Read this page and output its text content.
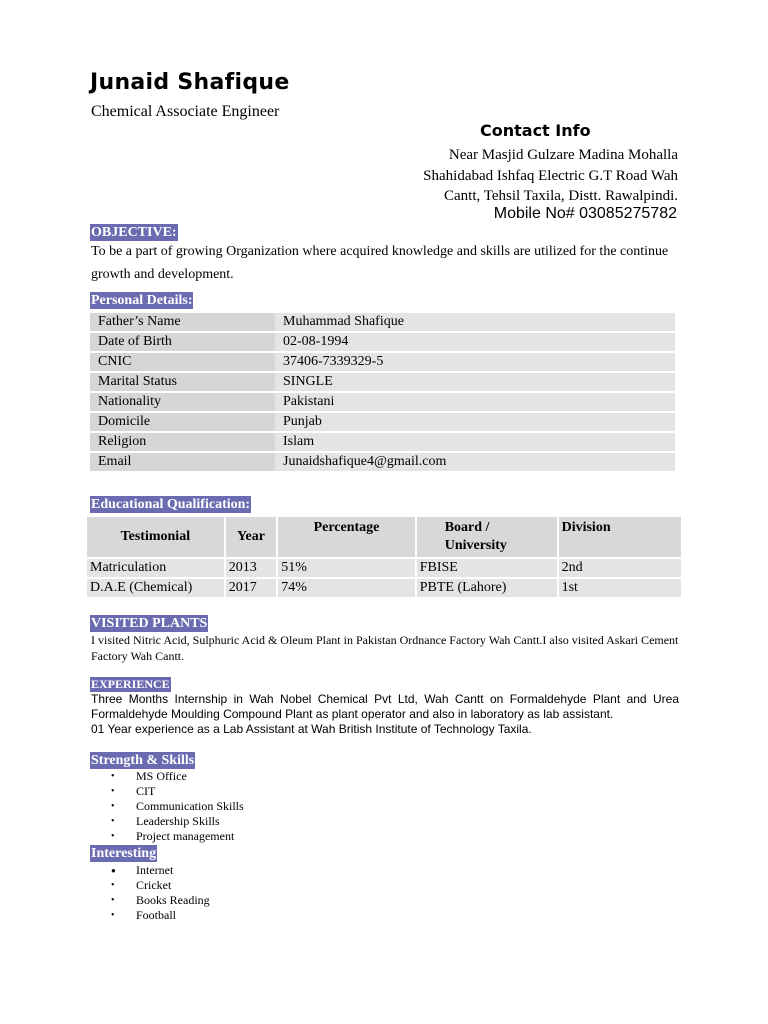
Junaid Shafique
Chemical Associate Engineer
Contact Info
Near Masjid Gulzare Madina Mohalla
Shahidabad Ishfaq Electric G.T Road Wah
Cantt, Tehsil Taxila, Distt. Rawalpindi.
Mobile No# 03085275782
OBJECTIVE:

To be a part of growing Organization where acquired knowledge and skills are utilized for the continue growth and development.

Personal Details:
Father’s Name		Muhammad Shafique
Date of Birth		02-08-1994
CNIC		37406-7339329-5
Marital Status		SINGLE
Nationality		Pakistani
Domicile		Punjab
Religion		Islam
Email		Junaidshafique4@gmail.com
Educational Qualification:
Testimonial	Year	Percentage	Board / University	Division
Matriculation	2013	51%	FBISE	2nd
D.A.E (Chemical)	2017	74%	PBTE (Lahore)	1st
VISITED PLANTS

I visited Nitric Acid, Sulphuric Acid & Oleum Plant in Pakistan Ordnance Factory Wah Cantt.I also visited Askari Cement Factory Wah Cantt.

EXPERIENCE

Three Months Internship in Wah Nobel Chemical Pvt Ltd, Wah Cantt on Formaldehyde Plant and Urea Formaldehyde Moulding Compound Plant as plant operator and also in laboratory as lab assistant.

01 Year experience as a Lab Assistant at Wah British Institute of Technology Taxila.

Strength & Skills
• MS Office
• CIT
• Communication Skills
• Leadership Skills
• Project management
Interesting
● Internet
• Cricket
• Books Reading
• Football
